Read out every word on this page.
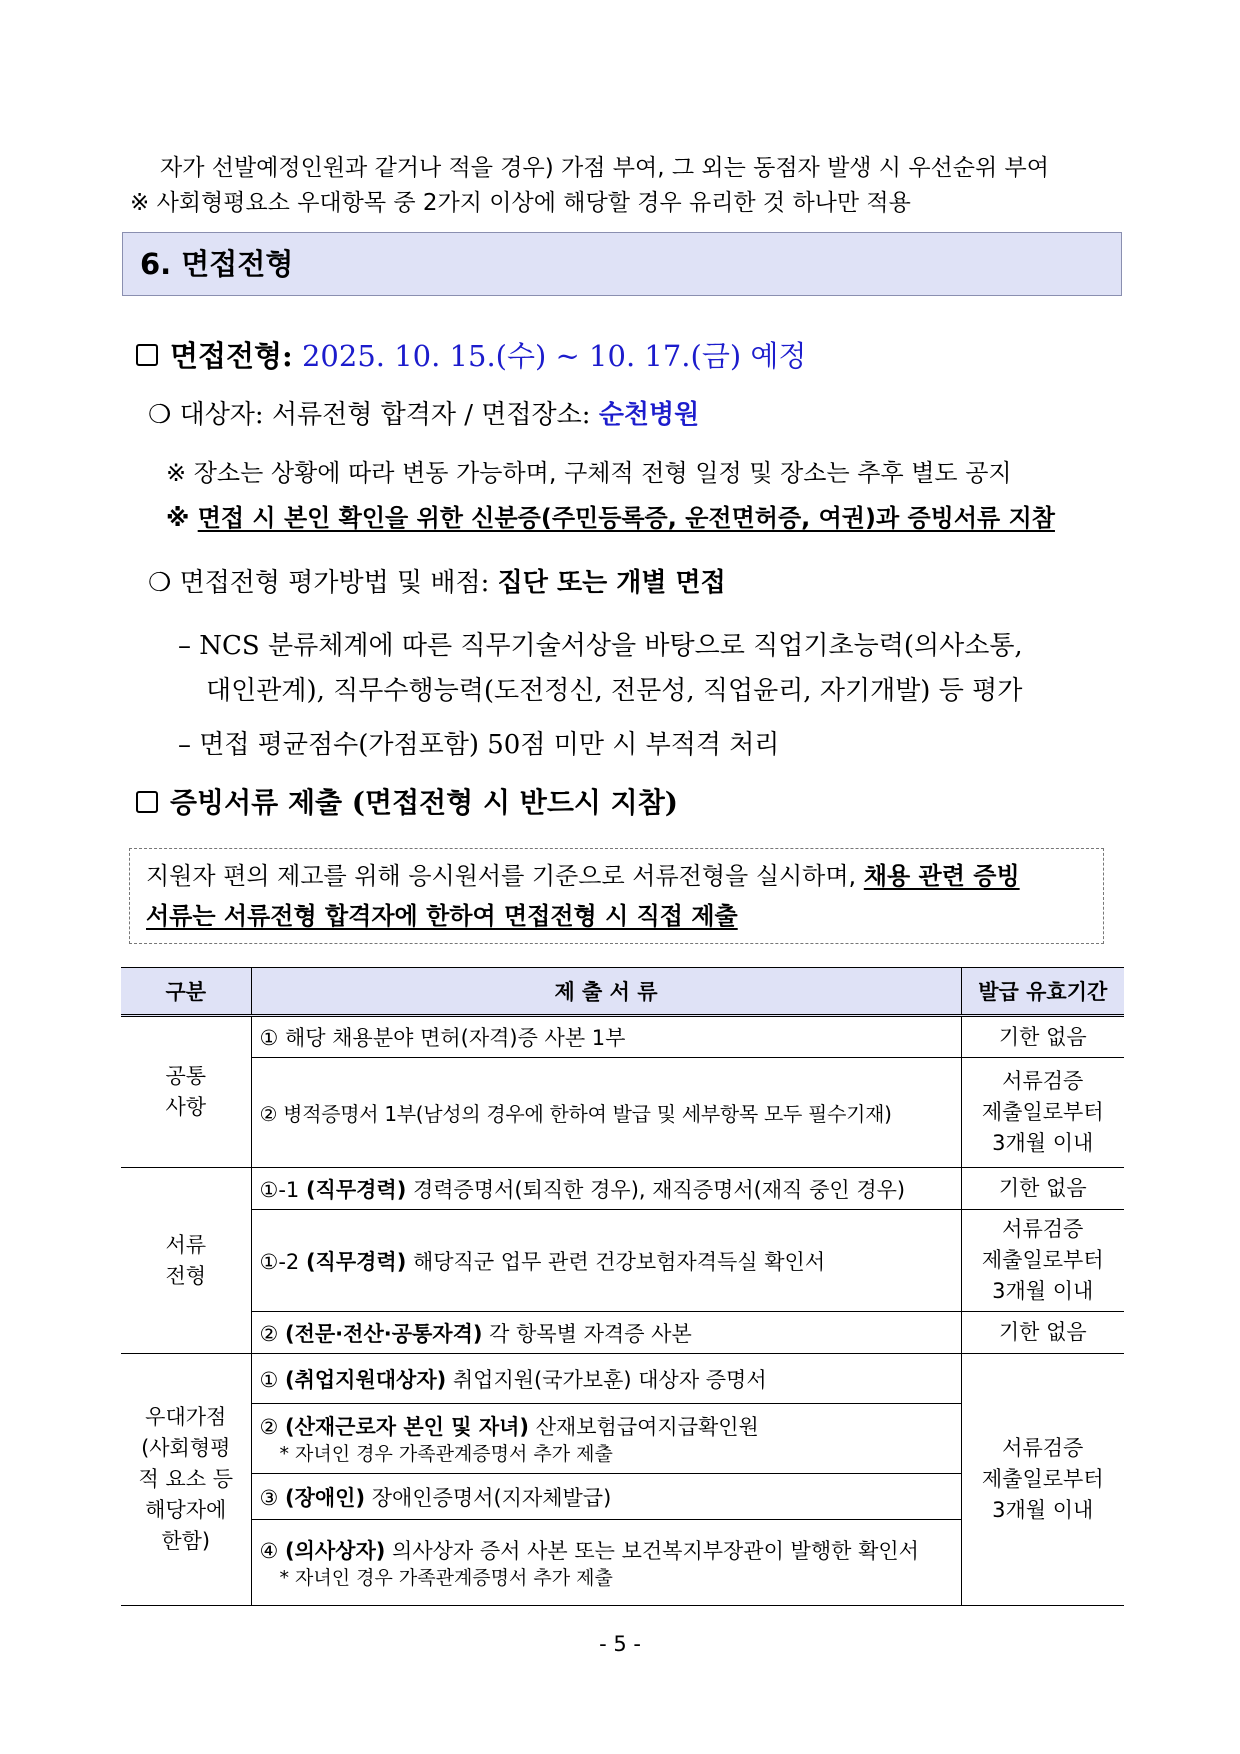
자가 선발예정인원과 같거나 적을 경우) 가점 부여, 그 외는 동점자 발생 시 우선순위 부여
※ 사회형평요소 우대항목 중 2가지 이상에 해당할 경우 유리한 것 하나만 적용
6. 면접전형
면접전형: 2025. 10. 15.(수) ~ 10. 17.(금) 예정
❍ 대상자: 서류전형 합격자 / 면접장소: 순천병원
※ 장소는 상황에 따라 변동 가능하며, 구체적 전형 일정 및 장소는 추후 별도 공지
※ 면접 시 본인 확인을 위한 신분증(주민등록증, 운전면허증, 여권)과 증빙서류 지참
❍ 면접전형 평가방법 및 배점: 집단 또는 개별 면접
– NCS 분류체계에 따른 직무기술서상을 바탕으로 직업기초능력(의사소통,
대인관계), 직무수행능력(도전정신, 전문성, 직업윤리, 자기개발) 등 평가
– 면접 평균점수(가점포함) 50점 미만 시 부적격 처리
증빙서류 제출 (면접전형 시 반드시 지참)
지원자 편의 제고를 위해 응시원서를 기준으로 서류전형을 실시하며, 채용 관련 증빙
서류는 서류전형 합격자에 한하여 면접전형 시 직접 제출
구분	제 출 서 류	발급 유효기간
공통
사항	① 해당 채용분야 면허(자격)증 사본 1부	기한 없음
	② 병적증명서 1부(남성의 경우에 한하여 발급 및 세부항목 모두 필수기재)	서류검증
제출일로부터
3개월 이내
서류
전형	①-1 (직무경력) 경력증명서(퇴직한 경우), 재직증명서(재직 중인 경우)	기한 없음
	①-2 (직무경력) 해당직군 업무 관련 건강보험자격득실 확인서	서류검증
제출일로부터
3개월 이내
	② (전문·전산·공통자격) 각 항목별 자격증 사본	기한 없음
우대가점
(사회형평
적 요소 등
해당자에
한함)	① (취업지원대상자) 취업지원(국가보훈) 대상자 증명서	서류검증
제출일로부터
3개월 이내
	② (산재근로자 본인 및 자녀) 산재보험급여지급확인원
* 자녀인 경우 가족관계증명서 추가 제출	

	③ (장애인) 장애인증명서(지자체발급)	
	④ (의사상자) 의사상자 증서 사본 또는 보건복지부장관이 발행한 확인서
* 자녀인 경우 가족관계증명서 추가 제출	
- 5 -
